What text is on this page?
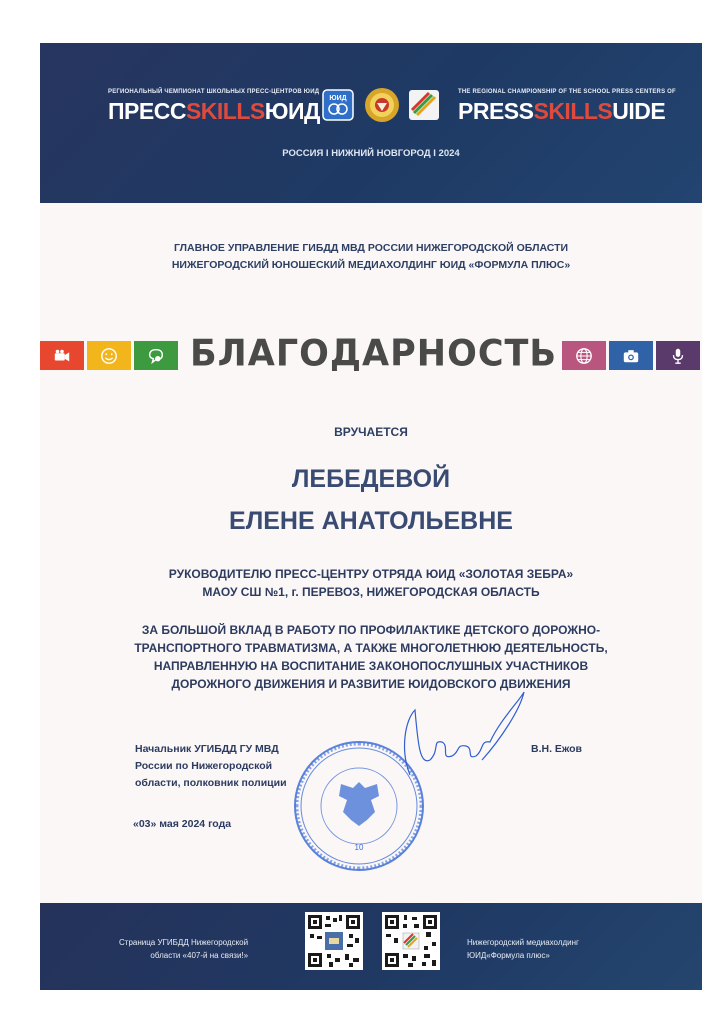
РЕГИОНАЛЬНЫЙ ЧЕМПИОНАТ ШКОЛЬНЫХ ПРЕСС-ЦЕНТРОВ ЮИД
ПРЕССSKILLSЮИД ЮИД
THE REGIONAL CHAMPIONSHIP OF THE SCHOOL PRESS CENTERS OF
PRESSSKILLSUIDE
РОССИЯ I НИЖНИЙ НОВГОРОД I 2024
ГЛАВНОЕ УПРАВЛЕНИЕ ГИБДД МВД РОССИИ НИЖЕГОРОДСКОЙ ОБЛАСТИ
НИЖЕГОРОДСКИЙ ЮНОШЕСКИЙ МЕДИАХОЛДИНГ ЮИД «ФОРМУЛА ПЛЮС»
БЛАГОДАРНОСТЬ
ВРУЧАЕТСЯ
ЛЕБЕДЕВОЙ
ЕЛЕНЕ АНАТОЛЬЕВНЕ
РУКОВОДИТЕЛЮ ПРЕСС-ЦЕНТРУ ОТРЯДА ЮИД «ЗОЛОТАЯ ЗЕБРА»
МАОУ СШ №1, г. ПЕРЕВОЗ, НИЖЕГОРОДСКАЯ ОБЛАСТЬ
ЗА БОЛЬШОЙ ВКЛАД В РАБОТУ ПО ПРОФИЛАКТИКЕ ДЕТСКОГО ДОРОЖНО-
ТРАНСПОРТНОГО ТРАВМАТИЗМА, А ТАКЖЕ МНОГОЛЕТНЮЮ ДЕЯТЕЛЬНОСТЬ,
НАПРАВЛЕННУЮ НА ВОСПИТАНИЕ ЗАКОНОПОСЛУШНЫХ УЧАСТНИКОВ
ДОРОЖНОГО ДВИЖЕНИЯ И РАЗВИТИЕ ЮИДОВСКОГО ДВИЖЕНИЯ
Начальник УГИБДД ГУ МВД
России по Нижегородской
области, полковник полиции
В.Н. Ежов
«03» мая 2024 года
10
Страница УГИБДД Нижегородской
области «407-й на связи!»
Нижегородский медиахолдинг
ЮИД«Формула плюс»
